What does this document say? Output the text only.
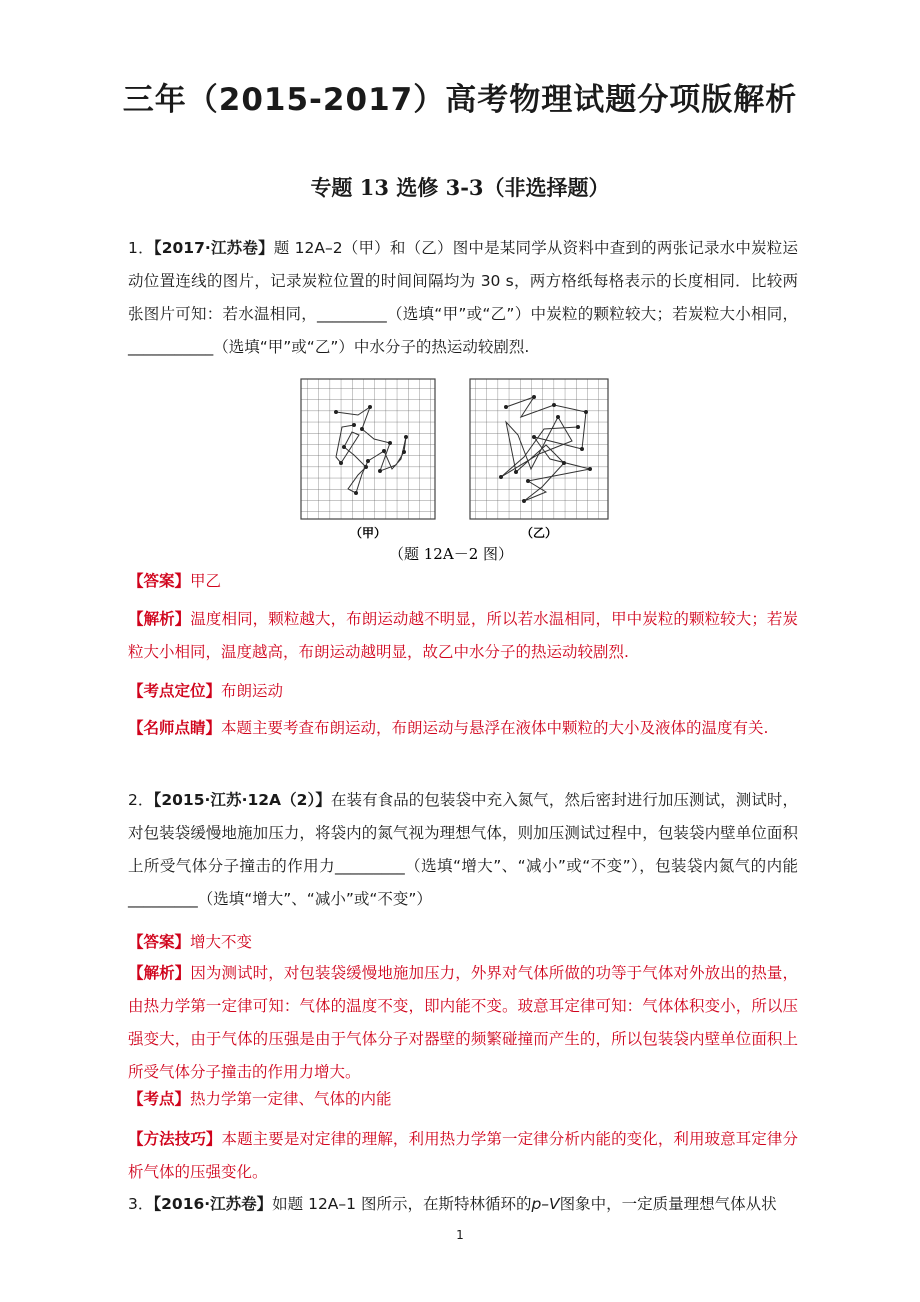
三年（2015-2017）高考物理试题分项版解析
专题 13 选修 3-3（非选择题）
1．【2017·江苏卷】题 12A–2（甲）和（乙）图中是某同学从资料中查到的两张记录水中炭粒运动位置连线的图片，记录炭粒位置的时间间隔均为 30 s，两方格纸每格表示的长度相同．比较两张图片可知：若水温相同，_________（选填“甲”或“乙”）中炭粒的颗粒较大；若炭粒大小相同，___________（选填“甲”或“乙”）中水分子的热运动较剧烈.
（甲）	（乙）
（题 12A－2 图）
【答案】甲乙
【解析】温度相同，颗粒越大，布朗运动越不明显，所以若水温相同，甲中炭粒的颗粒较大；若炭粒大小相同，温度越高，布朗运动越明显，故乙中水分子的热运动较剧烈.
【考点定位】布朗运动
【名师点睛】本题主要考查布朗运动，布朗运动与悬浮在液体中颗粒的大小及液体的温度有关.
2．【2015·江苏·12A（2）】在装有食品的包装袋中充入氮气，然后密封进行加压测试，测试时，对包装袋缓慢地施加压力，将袋内的氮气视为理想气体，则加压测试过程中，包装袋内壁单位面积上所受气体分子撞击的作用力_________（选填“增大”、“减小”或“不变”），包装袋内氮气的内能_________（选填“增大”、“减小”或“不变”）
【答案】增大不变
【解析】因为测试时，对包装袋缓慢地施加压力，外界对气体所做的功等于气体对外放出的热量，由热力学第一定律可知：气体的温度不变，即内能不变。玻意耳定律可知：气体体积变小，所以压强变大，由于气体的压强是由于气体分子对器壁的频繁碰撞而产生的，所以包装袋内壁单位面积上所受气体分子撞击的作用力增大。
【考点】热力学第一定律、气体的内能
【方法技巧】本题主要是对定律的理解，利用热力学第一定律分析内能的变化，利用玻意耳定律分析气体的压强变化。
3．【2016·江苏卷】如题 12A–1 图所示，在斯特林循环的p–V图象中，一定质量理想气体从状
1
